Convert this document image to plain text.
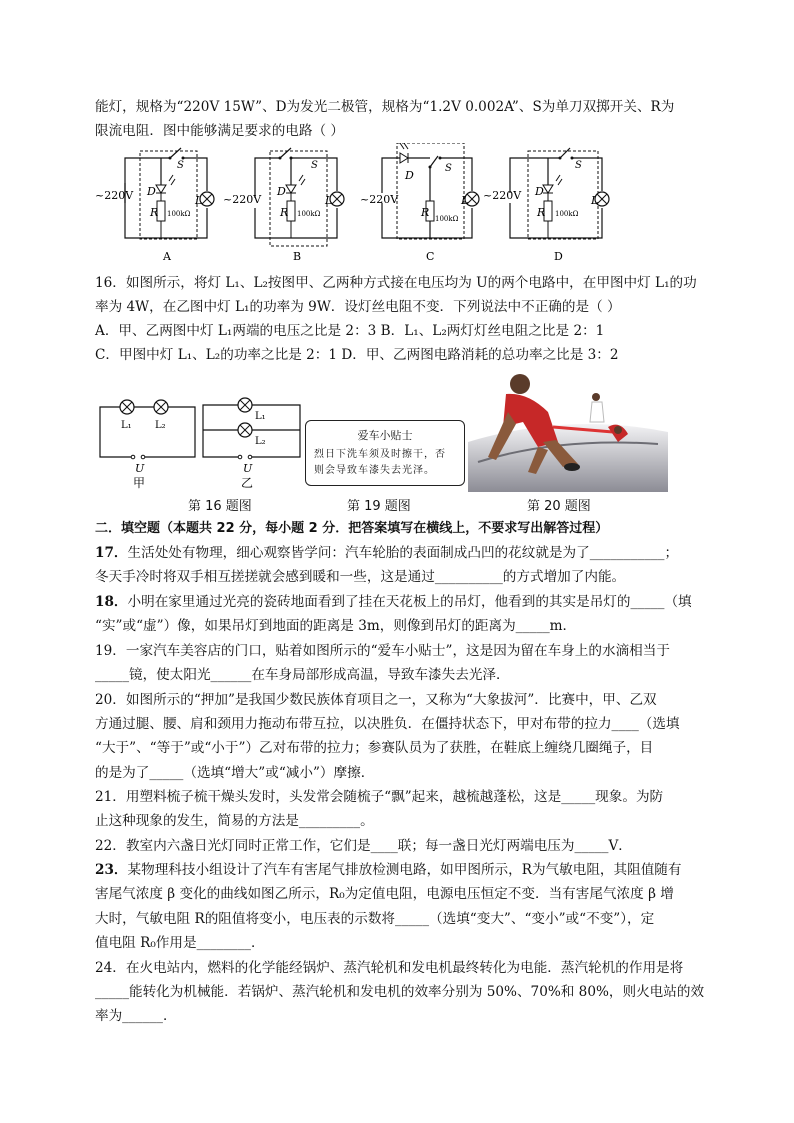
能灯，规格为“220V 15W”、D为发光二极管，规格为“1.2V 0.002A”、S为单刀双掷开关、R为
限流电阻．图中能够满足要求的电路（ ）
~220V D
R 100kΩ
L
S
A
~220V
D
R 100kΩ
L
S
B
~220V
D
R 100kΩ
L
S
C
~220V D
R 100kΩ
L
S
D
16．如图所示，将灯 L₁、L₂按图甲、乙两种方式接在电压均为 U的两个电路中，在甲图中灯 L₁的功
率为 4W，在乙图中灯 L₁的功率为 9W．设灯丝电阻不变．下列说法中不正确的是（ ）
A．甲、乙两图中灯 L₁两端的电压之比是 2：3 B．L₁、L₂两灯灯丝电阻之比是 2：1
C．甲图中灯 L₁、L₂的功率之比是 2：1 D．甲、乙两图电路消耗的总功率之比是 3：2
L₁ L₂
U
甲
L₁
L₂
U
乙
爱车小贴士
烈日下洗车须及时擦干，否
则会导致车漆失去光泽。
第 16 题图	第 19 题图	第 20 题图
二．填空题（本题共 22 分，每小题 2 分．把答案填写在横线上，不要求写出解答过程）
17．生活处处有物理，细心观察皆学问：汽车轮胎的表面制成凸凹的花纹就是为了___________；
冬天手冷时将双手相互搓搓就会感到暖和一些，这是通过__________的方式增加了内能。
18．小明在家里通过光亮的瓷砖地面看到了挂在天花板上的吊灯，他看到的其实是吊灯的_____（填
“实”或“虚”）像，如果吊灯到地面的距离是 3m，则像到吊灯的距离为_____m．
19．一家汽车美容店的门口，贴着如图所示的“爱车小贴士”，这是因为留在车身上的水滴相当于
_____镜，使太阳光______在车身局部形成高温，导致车漆失去光泽．
20．如图所示的“押加”是我国少数民族体育项目之一，又称为“大象拔河”．比赛中，甲、乙双
方通过腿、腰、肩和颈用力拖动布带互拉，以决胜负．在僵持状态下，甲对布带的拉力____（选填
“大于”、“等于”或“小于”）乙对布带的拉力；参赛队员为了获胜，在鞋底上缠绕几圈绳子，目
的是为了_____（选填“增大”或“减小”）摩擦．
21．用塑料梳子梳干燥头发时，头发常会随梳子“飘”起来，越梳越蓬松，这是_____现象。为防
止这种现象的发生，简易的方法是_________。
22．教室内六盏日光灯同时正常工作，它们是____联；每一盏日光灯两端电压为_____V．
23．某物理科技小组设计了汽车有害尾气排放检测电路，如甲图所示，R为气敏电阻，其阻值随有
害尾气浓度 β 变化的曲线如图乙所示，R₀为定值电阻，电源电压恒定不变．当有害尾气浓度 β 增
大时，气敏电阻 R的阻值将变小，电压表的示数将_____（选填“变大”、“变小”或“不变”），定
值电阻 R₀作用是________．
24．在火电站内，燃料的化学能经锅炉、蒸汽轮机和发电机最终转化为电能．蒸汽轮机的作用是将
_____能转化为机械能．若锅炉、蒸汽轮机和发电机的效率分别为 50%、70%和 80%，则火电站的效
率为______．
